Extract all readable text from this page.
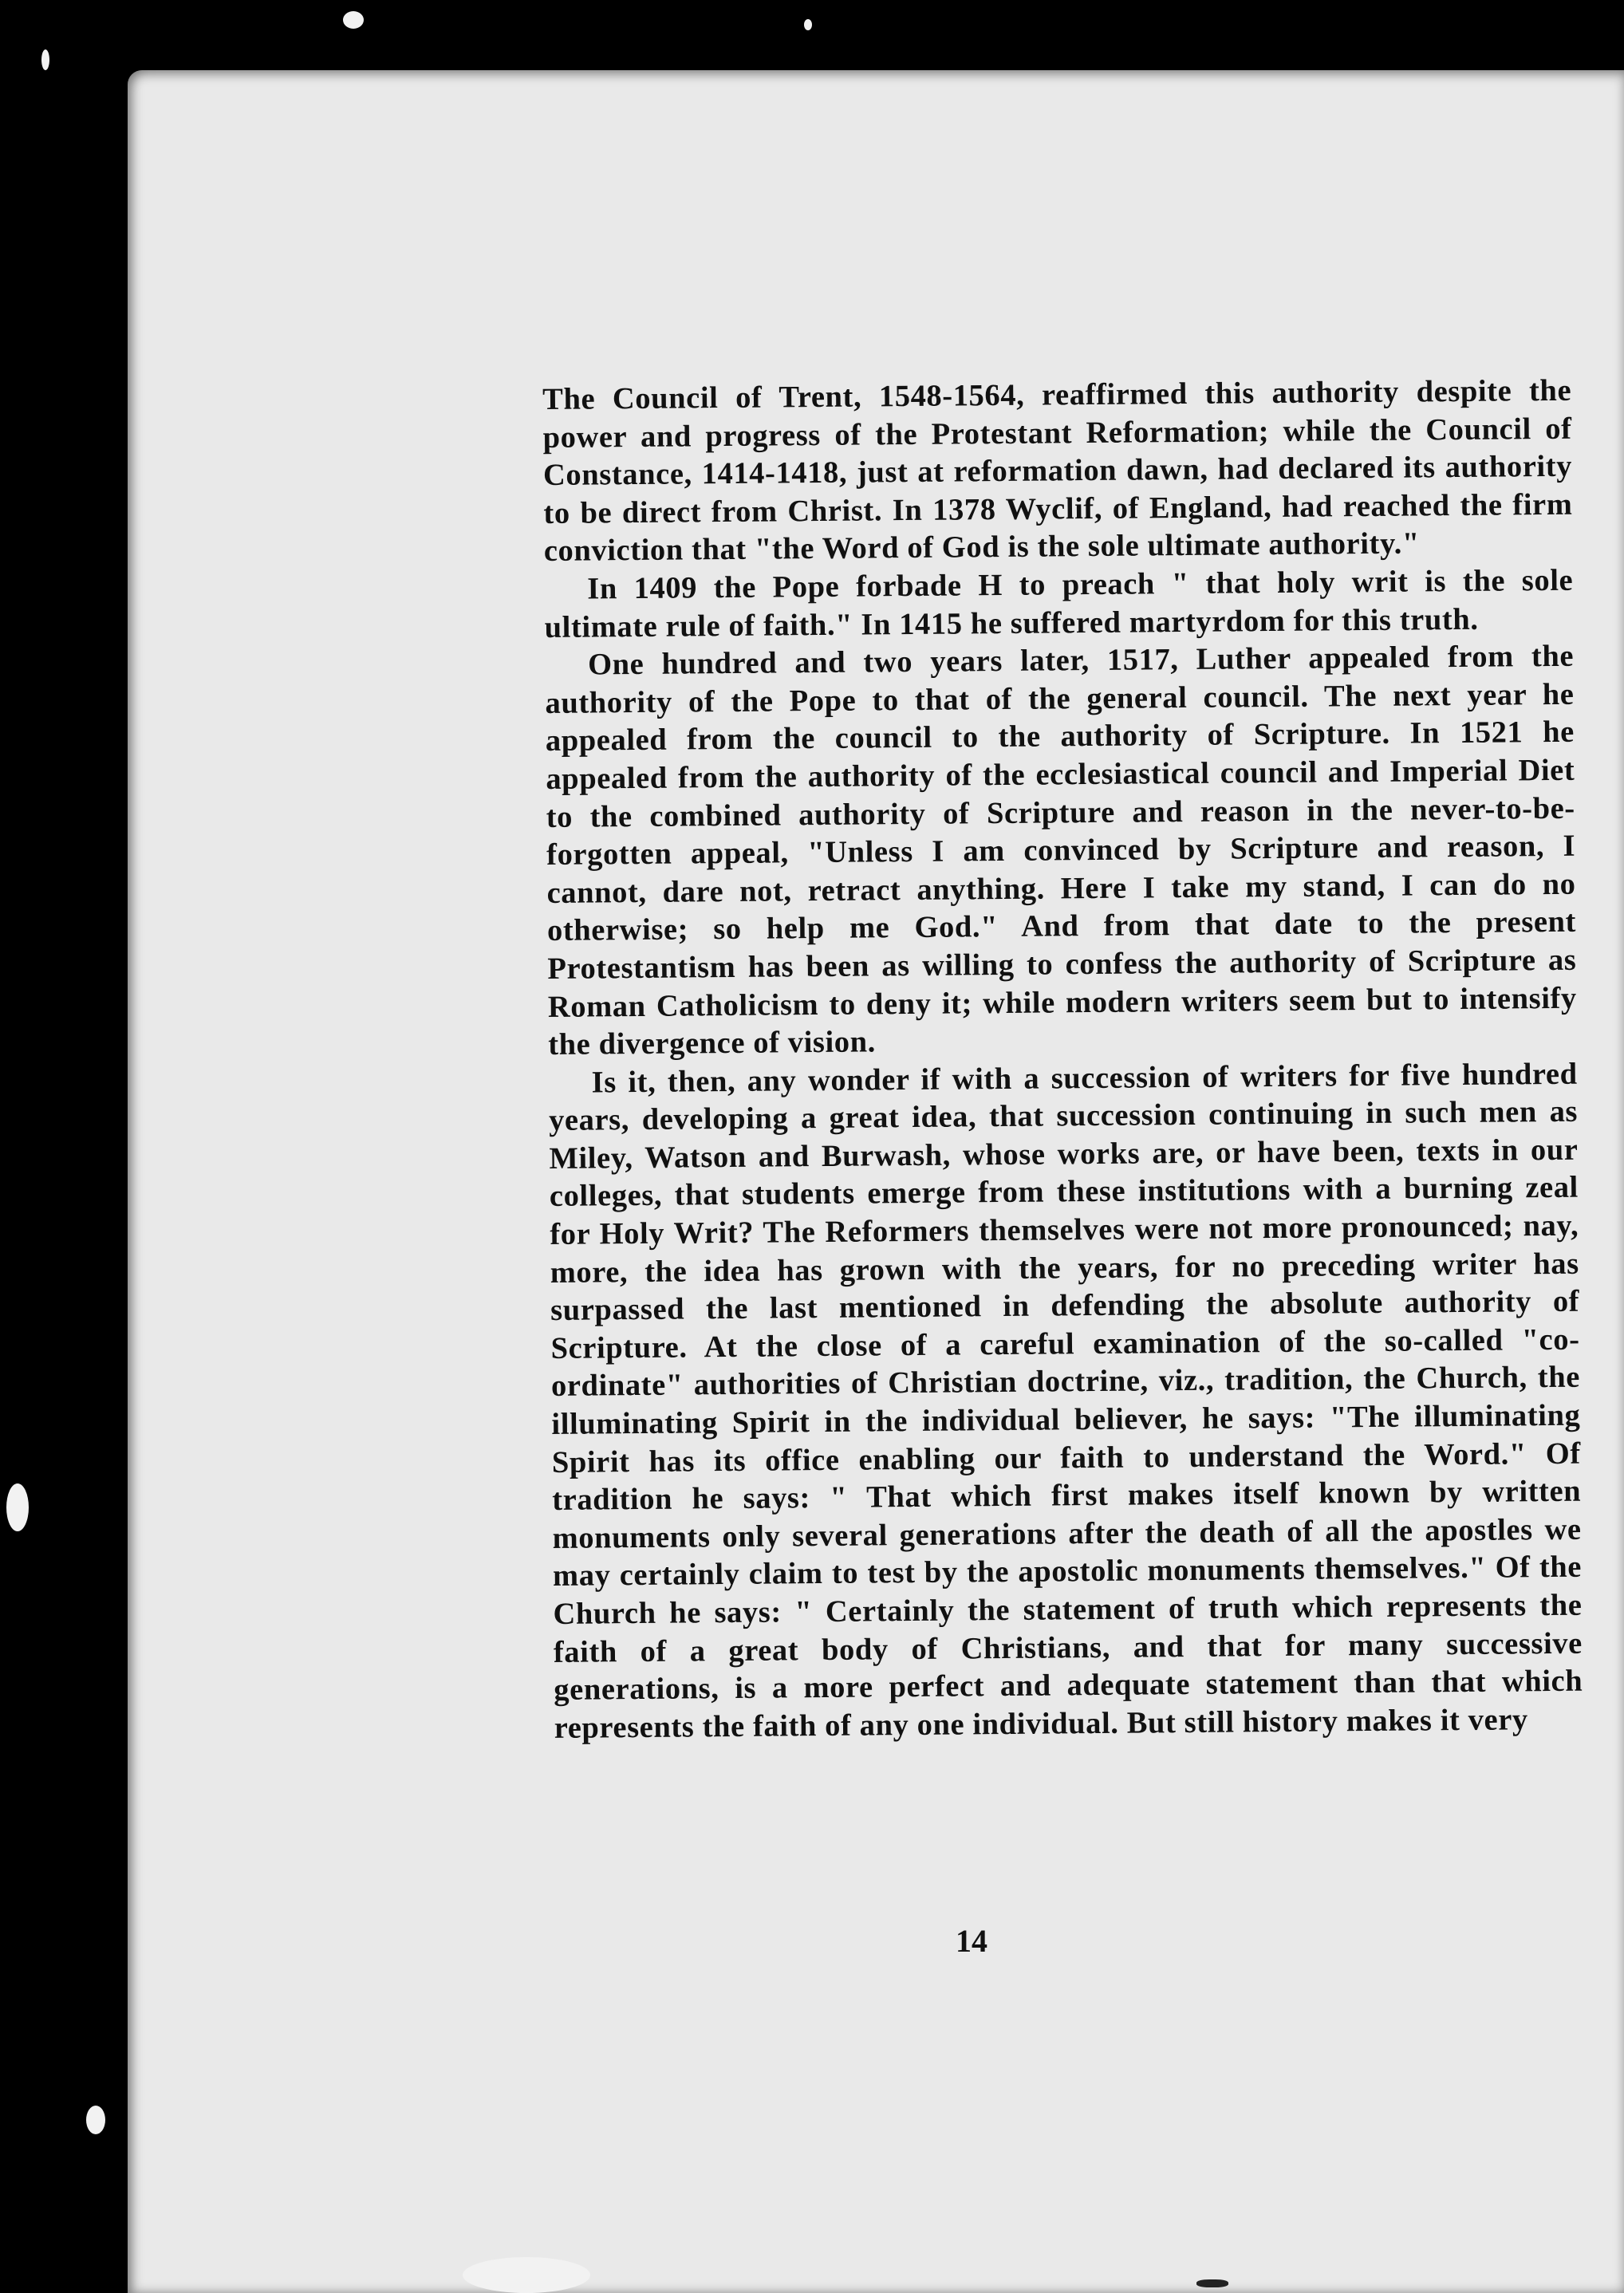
The Council of Trent, 1548-1564, reaffirmed this authority despite the power and progress of the Protestant Reformation; while the Council of Constance, 1414-1418, just at reformation dawn, had declared its authority to be direct from Christ. In 1378 Wyclif, of England, had reached the firm conviction that "the Word of God is the sole ultimate authority."

In 1409 the Pope forbade H to preach " that holy writ is the sole ultimate rule of faith." In 1415 he suffered martyrdom for this truth.

One hundred and two years later, 1517, Luther appealed from the authority of the Pope to that of the general council. The next year he appealed from the council to the authority of Scripture. In 1521 he appealed from the authority of the ecclesiastical council and Imperial Diet to the combined authority of Scripture and reason in the never-to-be-forgotten appeal, "Unless I am convinced by Scripture and reason, I cannot, dare not, retract anything. Here I take my stand, I can do no otherwise; so help me God." And from that date to the present Protestantism has been as willing to confess the authority of Scripture as Roman Catholicism to deny it; while modern writers seem but to intensify the divergence of vision.

Is it, then, any wonder if with a succession of writers for five hundred years, developing a great idea, that succession continuing in such men as Miley, Watson and Burwash, whose works are, or have been, texts in our colleges, that students emerge from these institutions with a burning zeal for Holy Writ? The Reformers themselves were not more pronounced; nay, more, the idea has grown with the years, for no preceding writer has surpassed the last mentioned in defending the absolute authority of Scripture. At the close of a careful examination of the so-called "co-ordinate" authorities of Christian doctrine, viz., tradition, the Church, the illuminating Spirit in the individual believer, he says: "The illuminating Spirit has its office enabling our faith to understand the Word." Of tradition he says: " That which first makes itself known by written monuments only several generations after the death of all the apostles we may certainly claim to test by the apostolic monuments themselves." Of the Church he says: " Certainly the statement of truth which represents the faith of a great body of Christians, and that for many successive generations, is a more perfect and adequate statement than that which represents the faith of any one individual. But still history makes it very

14
